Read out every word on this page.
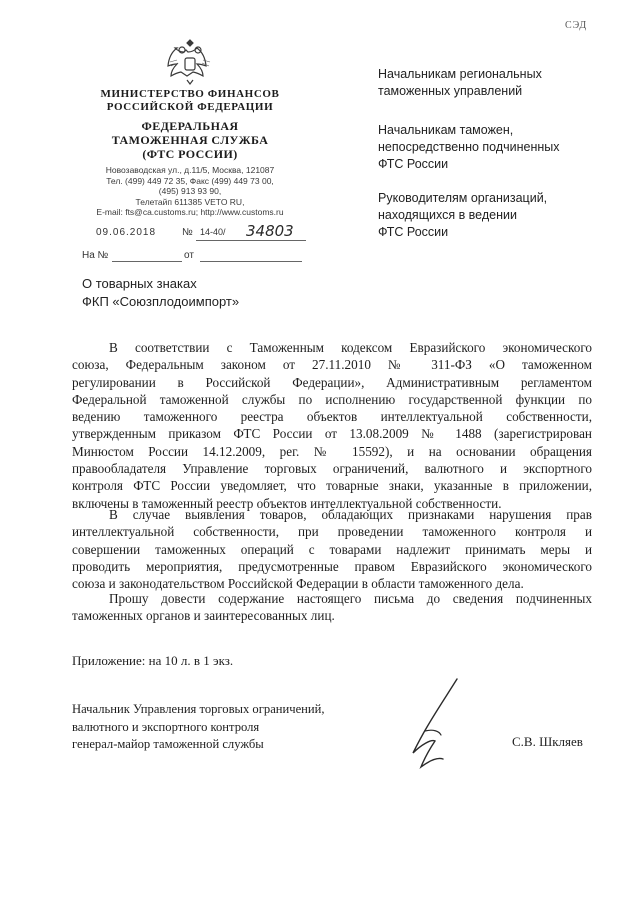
СЭД
МИНИСТЕРСТВО ФИНАНСОВ
РОССИЙСКОЙ ФЕДЕРАЦИИ
ФЕДЕРАЛЬНАЯ
ТАМОЖЕННАЯ СЛУЖБА
(ФТС РОССИИ)
Новозаводская ул., д.11/5, Москва, 121087
Тел. (499) 449 72 35, Факс (499) 449 73 00,
(495) 913 93 90,
Телетайп 611385 VETO RU,
E-mail: fts@ca.customs.ru; http://www.customs.ru
09.06.2018	№ 14-40/ 34803
На №	от
Начальникам региональных
таможенных управлений
Начальникам таможен,
непосредственно подчиненных
ФТС России
Руководителям организаций,
находящихся в ведении
ФТС России
О товарных знаках
ФКП «Союзплодоимпорт»
В соответствии с Таможенным кодексом Евразийского экономического
союза, Федеральным законом от 27.11.2010 № 311-ФЗ «О таможенном
регулировании в Российской Федерации», Административным регламентом
Федеральной таможенной службы по исполнению государственной функции по
ведению таможенного реестра объектов интеллектуальной собственности,
утвержденным приказом ФТС России от 13.08.2009 № 1488 (зарегистрирован
Минюстом России 14.12.2009, рег. № 15592), и на основании обращения
правообладателя Управление торговых ограничений, валютного и экспортного
контроля ФТС России уведомляет, что товарные знаки, указанные в приложении,
включены в таможенный реестр объектов интеллектуальной собственности.
В случае выявления товаров, обладающих признаками нарушения прав
интеллектуальной собственности, при проведении таможенного контроля и
совершении таможенных операций с товарами надлежит принимать меры и
проводить мероприятия, предусмотренные правом Евразийского экономического
союза и законодательством Российской Федерации в области таможенного дела.
Прошу довести содержание настоящего письма до сведения подчиненных
таможенных органов и заинтересованных лиц.
Приложение: на 10 л. в 1 экз.
Начальник Управления торговых ограничений,
валютного и экспортного контроля
генерал-майор таможенной службы	С.В. Шкляев
